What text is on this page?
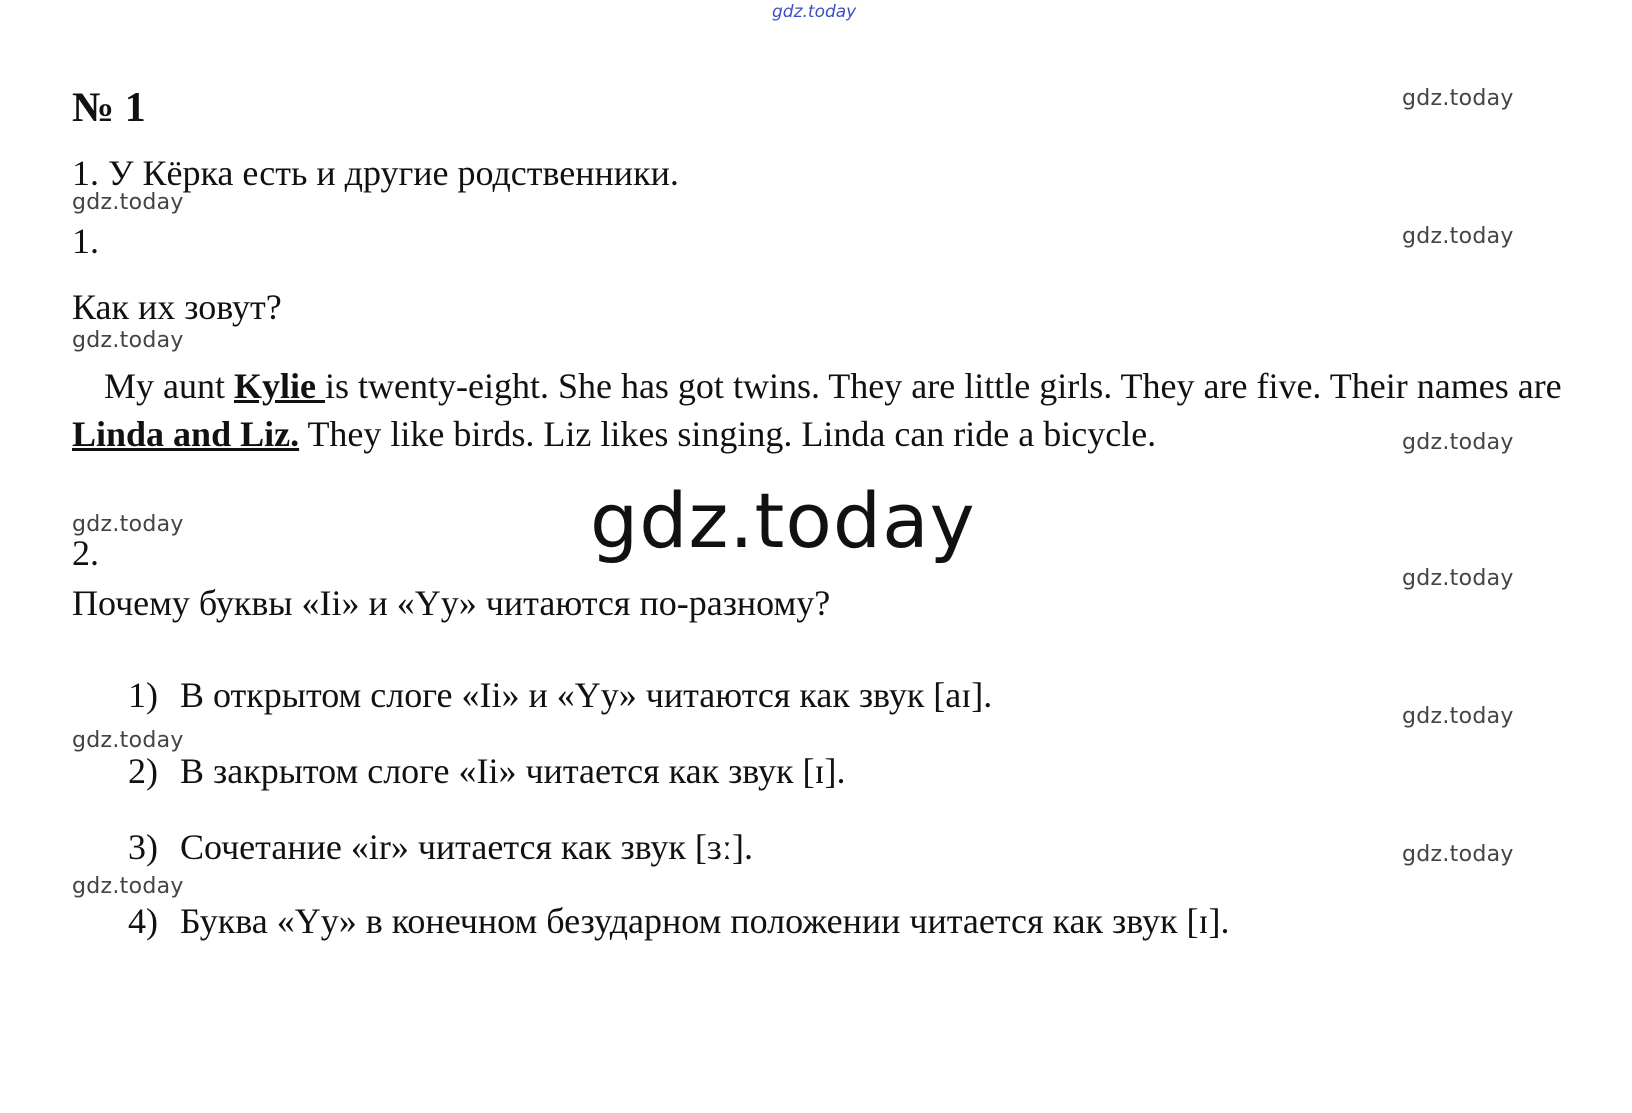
gdz.today
№ 1
1. У Кёрка есть и другие родственники.
1.
Как их зовут?
My aunt Kylie is twenty-eight. She has got twins. They are little girls. They are five. Their names are Linda and Liz. They like birds. Liz likes singing. Linda can ride a bicycle.
gdz.today
2.
Почему буквы «Ii» и «Yy» читаются по-разному?
1) В открытом слоге «Ii» и «Yy» читаются как звук [aɪ].
2) В закрытом слоге «Ii» читается как звук [ɪ].
3) Сочетание «ir» читается как звук [ɜː].
4) Буква «Yy» в конечном безударном положении читается как звук [ɪ].
gdz.today
gdz.today
gdz.today
gdz.today
gdz.today
gdz.today
gdz.today
gdz.today
gdz.today
gdz.today
gdz.today
